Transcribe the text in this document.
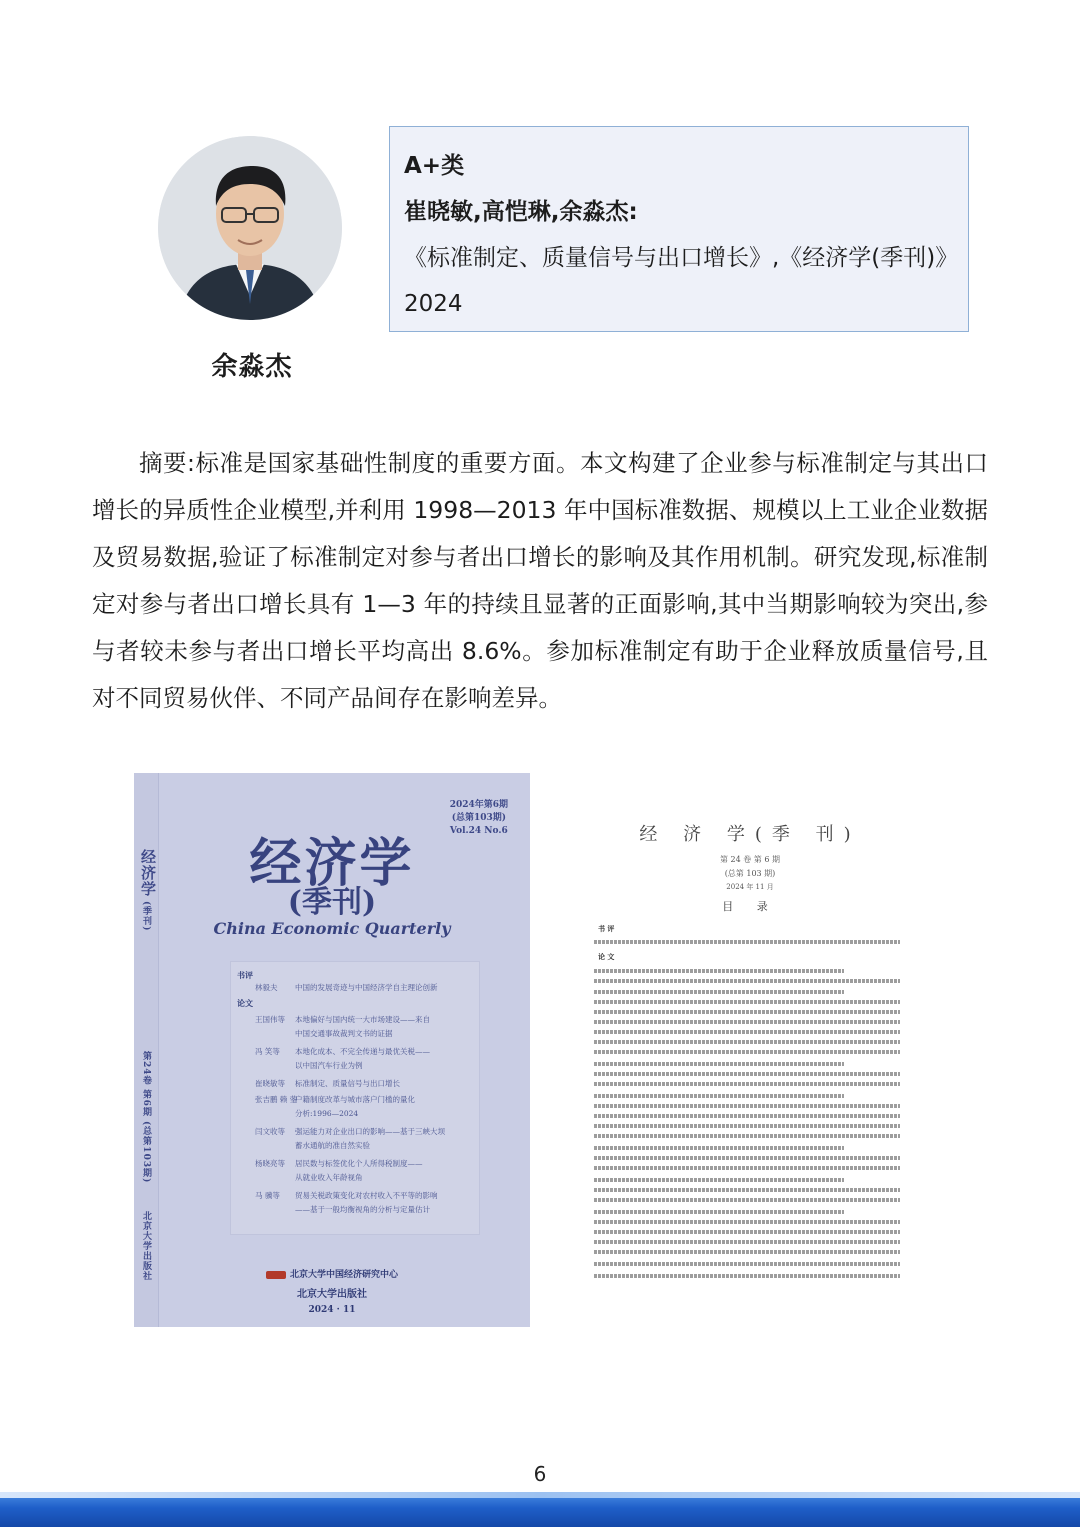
余淼杰
A+类
崔晓敏,高恺琳,余淼杰:
《标准制定、质量信号与出口增长》,《经济学(季刊)》2024
摘要:标准是国家基础性制度的重要方面。本文构建了企业参与标准制定与其出口增长的异质性企业模型,并利用 1998—2013 年中国标准数据、规模以上工业企业数据及贸易数据,验证了标准制定对参与者出口增长的影响及其作用机制。研究发现,标准制定对参与者出口增长具有 1—3 年的持续且显著的正面影响,其中当期影响较为突出,参与者较未参与者出口增长平均高出 8.6%。参加标准制定有助于企业释放质量信号,且对不同贸易伙伴、不同产品间存在影响差异。
经济学
(季刊)
第24卷 第6期 (总第103期)
北京大学出版社
2024年第6期
(总第103期)
Vol.24 No.6
经济学
(季刊)
China Economic Quarterly
书评
林毅夫 中国的发展奇迹与中国经济学自主理论创新
论文
王国伟等 本地偏好与国内统一大市场建设——来自
中国交通事故裁判文书的证据
冯 笑等 本地化成本、不完全传递与最优关税——
以中国汽车行业为例
崔晓敏等 标准制定、质量信号与出口增长
张吉鹏 赖 蓥户籍制度改革与城市落户门槛的量化
分析:1996—2024
闫文收等 强运能力对企业出口的影响——基于三峡大坝
蓄水通航的准自然实验
杨晓亮等 居民数与标签优化个人所得税制度——
从就业收入年龄视角
马 骥等 贸易关税政策变化对农村收入不平等的影响
——基于一般均衡视角的分析与定量估计
北京大学中国经济研究中心
北京大学出版社
2024 · 11
经 济 学(季 刊)
第 24 卷 第 6 期
(总第 103 期)
2024 年 11 月
目 录
书 评
论 文
6
